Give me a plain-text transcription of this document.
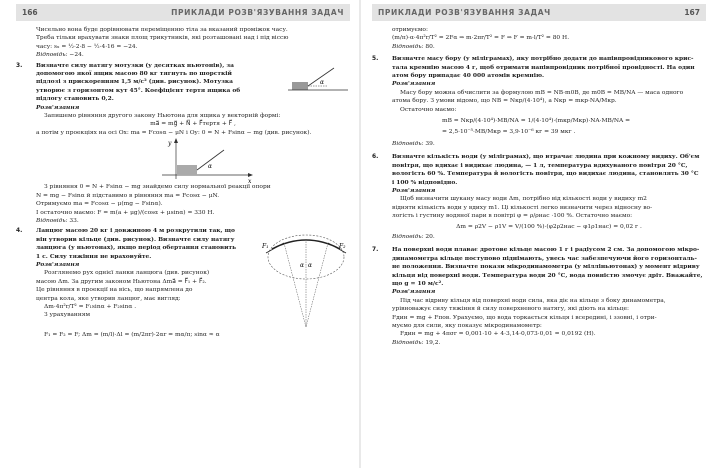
166	ПРИКЛАДИ РОЗВ'ЯЗУВАННЯ ЗАДАЧ

Чисельно вона буде дорівнювати переміщенню тіла за вказаний проміжок часу.

Треба тільки врахувати знаки площ трикутників, які розташовані над і під віссю

часу: sₓ = ½·2·8 − ½·4·16 = −24.

Відповідь: −24.

3.	Визначте силу натягу мотузки (у десятках ньютонів), за

допомогою якої ящик масою 80 кг тягнуть по шорсткій

підлозі з прискоренням 1,5 м/с² (див. рисунок). Мотузка

утворює з горизонтом кут 45°. Коефіцієнт тертя ящика об

підлогу становить 0,2.

α

Розв'язання

Запишемо рівняння другого закону Ньютона для ящика у векторній формі:

ma⃗ = mg⃗ + N⃗ + F⃗тертя + F⃗ ,

а потім у проекціях на осі Ox: ma = Fcosα − μN і Oy: 0 = N + Fsinα − mg (див. рисунок).

y
x
α

З рівняння 0 = N + Fsinα − mg знайдемо силу нормальної реакції опори

N = mg − Fsinα й підставимо в рівняння ma = Fcosα − μN.

Отримуємо ma = Fcosα − μ(mg − Fsinα).

І остаточно маємо: F = m(a + μg)/(cosα + μsinα) = 330 Н.

Відповідь: 33.

4.	Ланцюг масою 20 кг і довжиною 4 м розкрутили так, що

він утворив кільце (див. рисунок). Визначте силу натягу

ланцюга (у ньютонах), якщо період обертання становить

1 с. Силу тяжіння не враховуйте.

Розв'язання

Розглянемо рух однієї ланки ланцюга (див. рисунок)

масою Δm. За другим законом Ньютона Δma⃗ = F⃗₁ + F⃗₂.

Це рівняння в проекції на вісь, що напрямлена до

центра кола, яке утворив ланцюг, має вигляд:

Δm·4π²r/T² = F₁sinα + F₂sinα .

З урахуванням

F₁	F₂
α α

F₁ = F₂ = F; Δm = (m/l)·Δl = (m/2πr)·2αr = mα/π; sinα ≈ α

ПРИКЛАДИ РОЗВ'ЯЗУВАННЯ ЗАДАЧ	167

отримуємо:

(m/π)·α·4π²r/T² = 2Fα ⇒ m·2πr/T² = F ⇒ F = m·l/T² = 80 Н.

Відповідь: 80.

5.	Визначте масу бору (у міліграмах), яку потрібно додати до напівпровідникового крис-

тала кремнію масою 4 г, щоб отримати напівпровідник потрібної провідності. На один

атом бору припадає 40 000 атомів кремнію.

Розв'язання

Масу бору можна обчислити за формулою mB = NB·m0B, де m0B = MB/NA — маса одного

атома бору. З умови відомо, що NB = Nкр/(4·10⁴), а Nкр = mкр·NA/Mкр.

Остаточно маємо:

mB = Nкр/(4·10⁴)·MB/NA = 1/(4·10⁴)·(mкр/Mкр)·NA·MB/NA =

= 2,5·10⁻⁵·MB/Mкр = 3,9·10⁻⁶ кг = 39 мкг .

Відповідь: 39.

6.	Визначте кількість води (у міліграмах), що втрачає людина при кожному видиху. Об'єм

повітря, що вдихає і видихає людина, — 1 л, температура вдихуваного повітря 20 °С,

вологість 60 %. Температура й вологість повітря, що видихає людина, становлять 30 °С

і 100 % відповідно.

Розв'язання

Щоб визначити шукану масу води Δm, потрібно від кількості води у видиху m2

відняти кількість води у вдиху m1. Ці кількості легко визначити через відносну во-

логість і густину водяної пари в повітрі φ = ρ/ρнас ·100 %. Остаточно маємо:

Δm = ρ2V − ρ1V = V/(100 %)·(φ2ρ2нас − φ1ρ1нас) = 0,02 г .

Відповідь: 20.

7.	На поверхні води плаває дротове кільце масою 1 г і радіусом 2 см. За допомогою мікро-

динамометра кільце поступово піднімають, увесь час забезпечуючи його горизонталь-

не положення. Визначте покази мікродинамометра (у мілліньютонах) у момент відриву

кільця від поверхні води. Температура води 20 °С, вода повністю змочує дріт. Вважайте,

що g = 10 м/с².

Розв'язання

Під час відриву кільця від поверхні води сила, яка діє на кільце з боку динамометра,

урівноважує силу тяжіння й силу поверхневого натягу, які діють на кільце:

Fдин = mg + Fпов. Урахуємо, що вода торкається кільця і всередині, і ззовні, і отри-

муємо для сили, яку показує мікродинамометр:

Fдин = mg + 4πσr = 0,001·10 + 4·3,14·0,073·0,01 = 0,0192 (Н).

Відповідь: 19,2.
